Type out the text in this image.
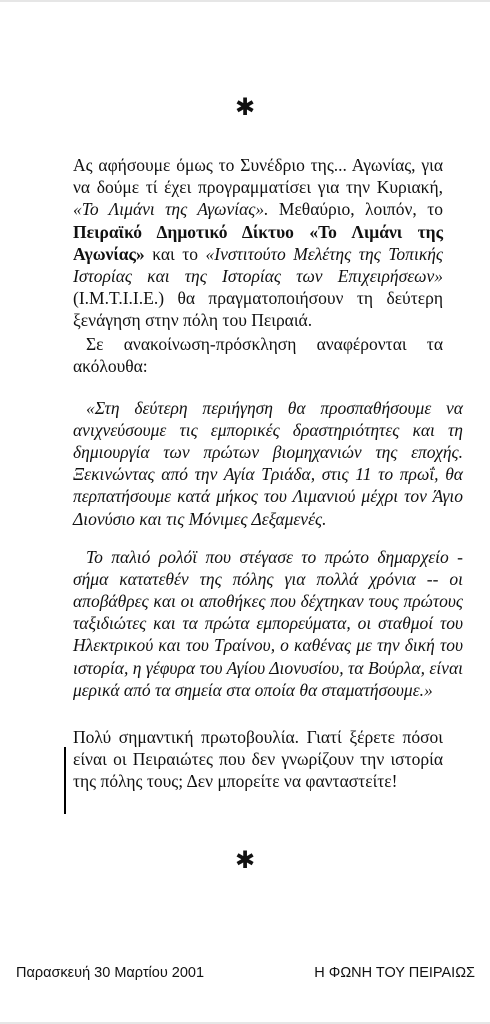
✱

Ας αφήσουμε όμως το Συνέδριο της... Αγωνίας, για να δούμε τί έχει προγραμματίσει για την Κυριακή, «Το Λιμάνι της Αγωνίας». Μεθαύριο, λοιπόν, το Πειραϊκό Δημοτικό Δίκτυο «Το Λιμάνι της Αγωνίας» και το «Ινστιτούτο Μελέτης της Τοπικής Ιστορίας και της Ιστορίας των Επιχειρήσεων» (Ι.Μ.Τ.Ι.Ι.Ε.) θα πραγματοποιήσουν τη δεύτερη ξενάγηση στην πόλη του Πειραιά.

Σε ανακοίνωση-πρόσκληση αναφέρονται τα ακόλουθα:

«Στη δεύτερη περιήγηση θα προσπαθήσουμε να ανιχνεύσουμε τις εμπορικές δραστηριότητες και τη δημιουργία των πρώτων βιομηχανιών της εποχής. Ξεκινώντας από την Αγία Τριάδα, στις 11 το πρωΐ, θα περπατήσουμε κατά μήκος του Λιμανιού μέχρι τον Άγιο Διονύσιο και τις Μόνιμες Δεξαμενές.

Το παλιό ρολόϊ που στέγασε το πρώτο δημαρχείο - σήμα κατατεθέν της πόλης για πολλά χρόνια -- οι αποβάθρες και οι αποθήκες που δέχτηκαν τους πρώτους ταξιδιώτες και τα πρώτα εμπορεύματα, οι σταθμοί του Ηλεκτρικού και του Τραίνου, ο καθένας με την δική του ιστορία, η γέφυρα του Αγίου Διονυσίου, τα Βούρλα, είναι μερικά από τα σημεία στα οποία θα σταματήσουμε.»

Πολύ σημαντική πρωτοβουλία. Γιατί ξέρετε πόσοι είναι οι Πειραιώτες που δεν γνωρίζουν την ιστορία της πόλης τους; Δεν μπορείτε να φανταστείτε!

✱
Παρασκευή 30 Μαρτίου 2001	Η ΦΩΝΗ ΤΟΥ ΠΕΙΡΑΙΩΣ
